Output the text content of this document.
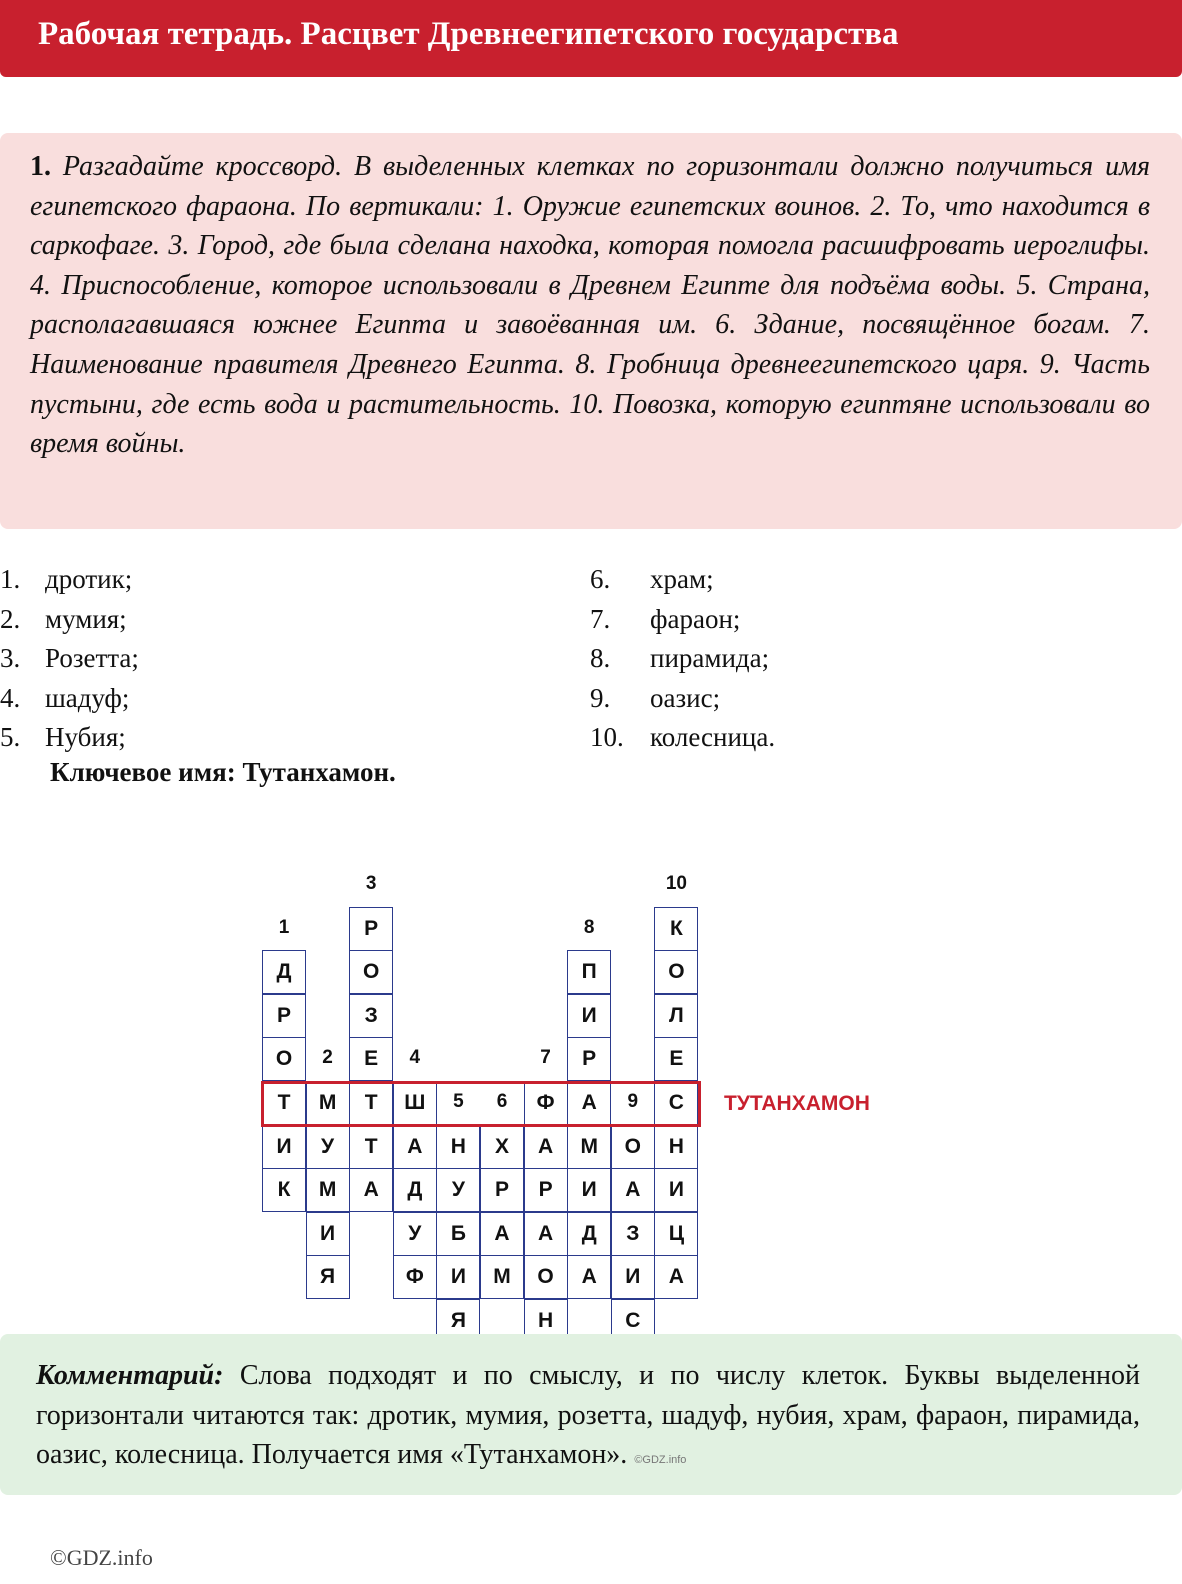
Рабочая тетрадь. Расцвет Древнеегипетского государства
1. Разгадайте кроссворд. В выделенных клетках по горизонтали должно получиться имя египетского фараона. По вертикали: 1. Оружие египетских воинов. 2. То, что находится в саркофаге. 3. Город, где была сделана находка, которая помогла расшифровать иероглифы. 4. Приспособление, которое использовали в Древнем Египте для подъёма воды. 5. Страна, располагавшаяся южнее Египта и завоёванная им. 6. Здание, посвящённое богам. 7. Наименование правителя Древнего Египта. 8. Гробница древнеегипетского царя. 9. Часть пустыни, где есть вода и растительность. 10. Повозка, которую египтяне использовали во время войны.
1. дротик;
2. мумия;
3. Розетта;
4. шадуф;
5. Нубия;
6. храм;
7. фараон;
8. пирамида;
9. оазис;
10. колесница.
Ключевое имя: Тутанхамон.
А
Ц
И
Н
С
Е
Л
О
К
С
И
З
А
О
А
Д
И
М
А
Р
И
П
Н
О
А
Р
А
Ф
М
А
Р
Х
Я
И
Б
У
Н
Ф
У
Д
А
Ш
А
Т
Т
Е
З
О
Р
Я
И
М
У
М
К
И
Т
О
Р
Д
ТУТАНХАМОН
1
2
3
4
5	6
7
8
9
10
Комментарий: Слова подходят и по смыслу, и по числу клеток. Буквы выделенной горизонтали читаются так: дротик, мумия, розетта, шадуф, нубия, храм, фараон, пирамида, оазис, колесница. Получается имя «Тутанхамон». ©GDZ.info
©GDZ.info
